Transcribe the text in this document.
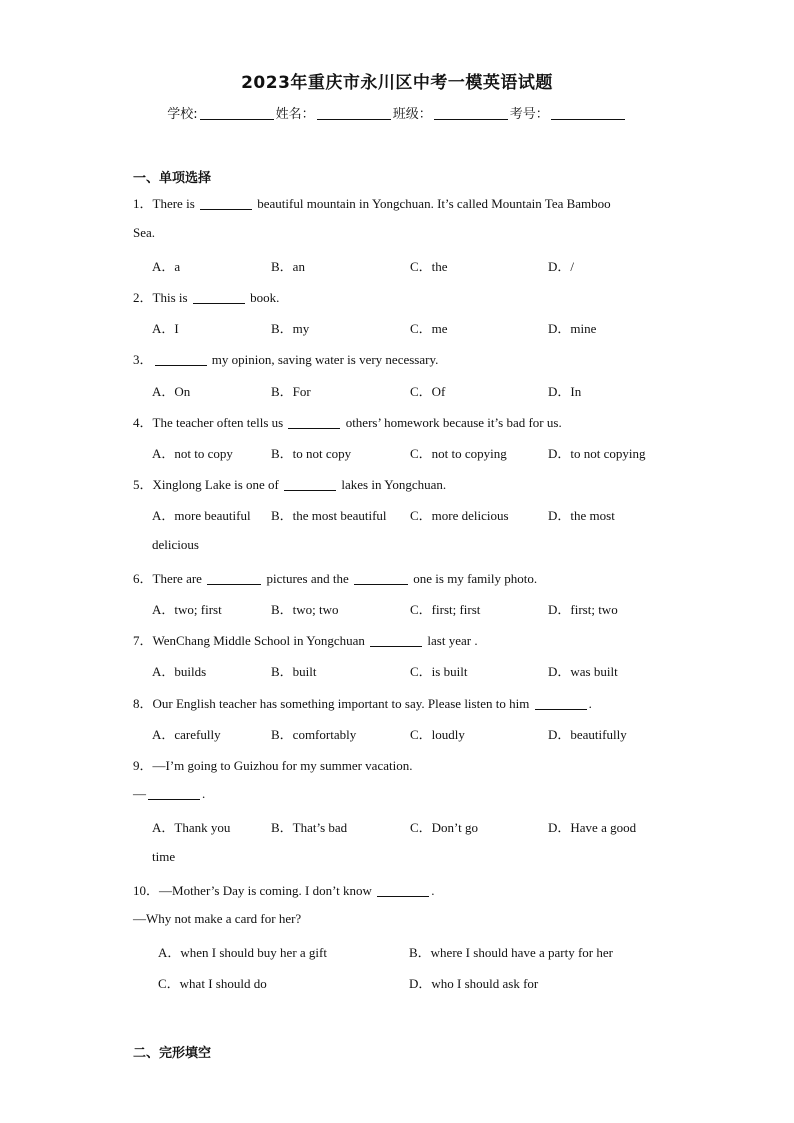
2023年重庆市永川区中考一模英语试题
学校:	姓名：	班级：	考号：
一、单项选择
1．There is	beautiful mountain in Yongchuan. It’s called Mountain Tea Bamboo
Sea.
A．a	B．an	C．the	D．/
2．This is	book.
A．I	B．my	C．me	D．mine
3．	my opinion, saving water is very necessary.
A．On	B．For	C．Of	D．In
4．The teacher often tells us	others’ homework because it’s bad for us.
A．not to copy	B．to not copy	C．not to copying	D．to not copying
5．Xinglong Lake is one of	lakes in Yongchuan.
A．more beautiful B．the most beautiful C．more delicious	D．the most
delicious
6．There are	pictures and the	one is my family photo.
A．two; first	B．two; two	C．first; first	D．first; two
7．WenChang Middle School in Yongchuan	last year .
A．builds	B．built	C．is built	D．was built
8．Our English teacher has something important to say. Please listen to him	.
A．carefully	B．comfortably	C．loudly	D．beautifully
9．—I’m going to Guizhou for my summer vacation.
—	.
A．Thank you	B．That’s bad	C．Don’t go	D．Have a good
time
10．—Mother’s Day is coming. I don’t know	.
—Why not make a card for her?
A．when I should buy her a gift	B．where I should have a party for her
C．what I should do	D．who I should ask for
二、完形填空
